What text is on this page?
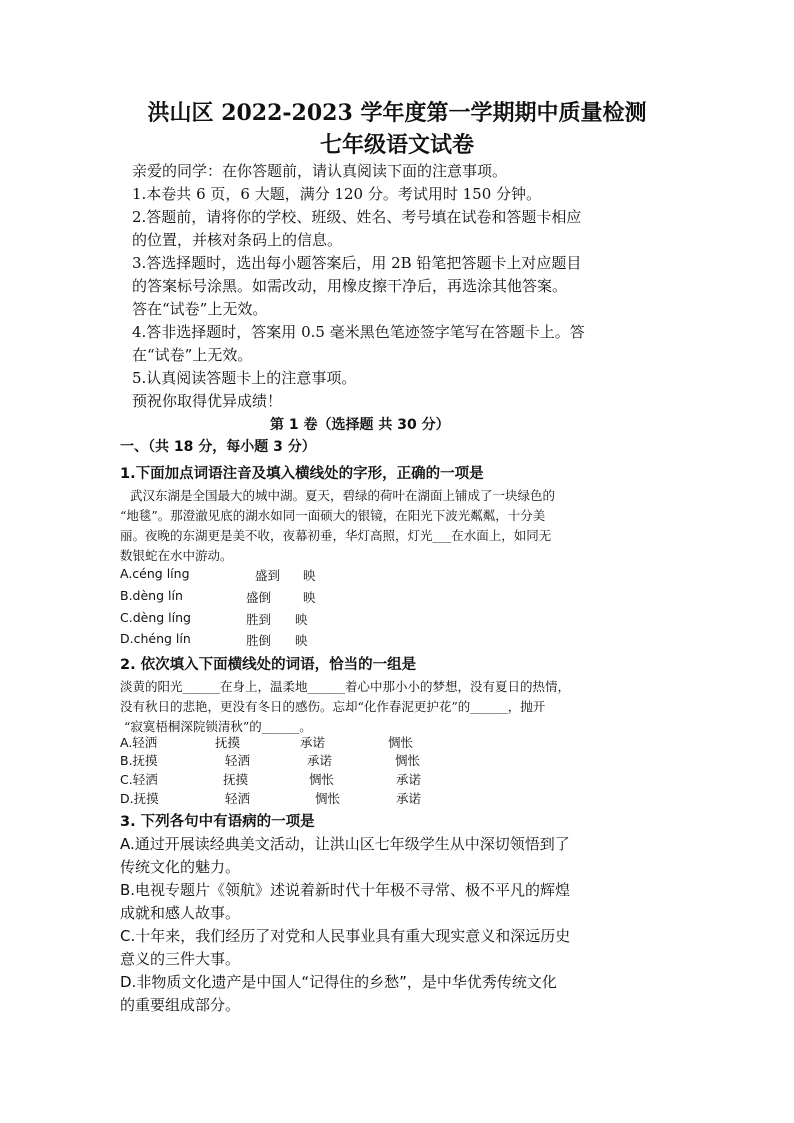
洪山区 2022-2023 学年度第一学期期中质量检测
七年级语文试卷
亲爱的同学：在你答题前，请认真阅读下面的注意事项。
1.本卷共 6 页，6 大题，满分 120 分。考试用时 150 分钟。
2.答题前，请将你的学校、班级、姓名、考号填在试卷和答题卡相应
的位置，并核对条码上的信息。
3.答选择题时，选出每小题答案后，用 2B 铅笔把答题卡上对应题目
的答案标号涂黑。如需改动，用橡皮擦干净后，再选涂其他答案。
答在“试卷”上无效。
4.答非选择题时，答案用 0.5 毫米黑色笔迹签字笔写在答题卡上。答
在“试卷”上无效。
5.认真阅读答题卡上的注意事项。
预祝你取得优异成绩！
第 1 卷（选择题 共 30 分）
一、（共 18 分，每小题 3 分）
1.下面加点词语注音及填入横线处的字形，正确的一项是
武汉东湖是全国最大的城中湖。夏天，碧绿的荷叶在湖面上铺成了一块绿色的
“地毯”。那澄澈见底的湖水如同一面硕大的银镜，在阳光下波光粼粼，十分美
丽。夜晚的东湖更是美不收，夜幕初垂，华灯高照，灯光___在水面上，如同无
数银蛇在水中游动。
A.céng líng	盛到 映
B.dèng lín	盛倒	映
C.dèng líng	胜到 映
D.chéng lín	胜倒 映
2. 依次填入下面横线处的词语，恰当的一组是
淡黄的阳光______在身上，温柔地______着心中那小小的梦想，没有夏日的热情，
没有秋日的悲艳，更没有冬日的感伤。忘却“化作春泥更护花”的______，抛开
“寂寞梧桐深院锁清秋”的______。
A.轻洒	抚摸	承诺	惆怅
B.抚摸	轻洒	承诺	惆怅
C.轻洒	抚摸	惆怅	承诺
D.抚摸	轻洒	惆怅	承诺
3. 下列各句中有语病的一项是
A.通过开展读经典美文活动，让洪山区七年级学生从中深切领悟到了
传统文化的魅力。
B.电视专题片《领航》述说着新时代十年极不寻常、极不平凡的辉煌
成就和感人故事。
C.十年来，我们经历了对党和人民事业具有重大现实意义和深远历史
意义的三件大事。
D.非物质文化遗产是中国人“记得住的乡愁”，是中华优秀传统文化
的重要组成部分。
